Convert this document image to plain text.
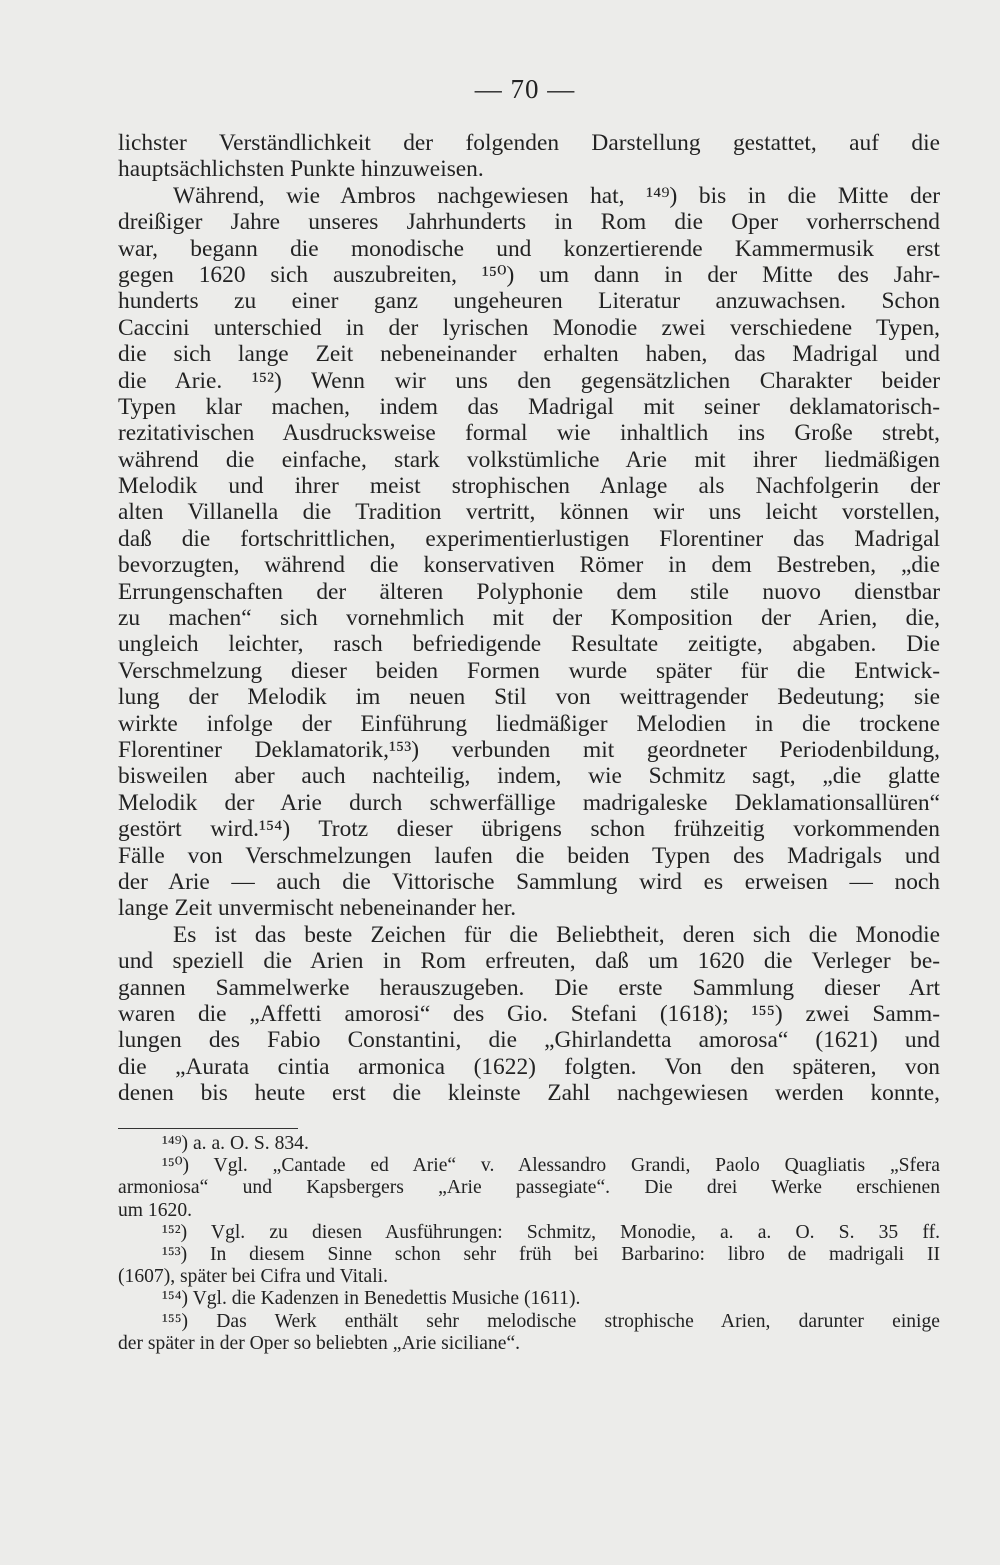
— 70 —
lichster Verständlichkeit der folgenden Darstellung gestattet, auf die
hauptsächlichsten Punkte hinzuweisen.
Während, wie Ambros nachgewiesen hat, ¹⁴⁹) bis in die Mitte der
dreißiger Jahre unseres Jahrhunderts in Rom die Oper vorherrschend
war, begann die monodische und konzertierende Kammermusik erst
gegen 1620 sich auszubreiten, ¹⁵⁰) um dann in der Mitte des Jahr-
hunderts zu einer ganz ungeheuren Literatur anzuwachsen. Schon
Caccini unterschied in der lyrischen Monodie zwei verschiedene Typen,
die sich lange Zeit nebeneinander erhalten haben, das Madrigal und
die Arie. ¹⁵²) Wenn wir uns den gegensätzlichen Charakter beider
Typen klar machen, indem das Madrigal mit seiner deklamatorisch-
rezitativischen Ausdrucksweise formal wie inhaltlich ins Große strebt,
während die einfache, stark volkstümliche Arie mit ihrer liedmäßigen
Melodik und ihrer meist strophischen Anlage als Nachfolgerin der
alten Villanella die Tradition vertritt, können wir uns leicht vorstellen,
daß die fortschrittlichen, experimentierlustigen Florentiner das Madrigal
bevorzugten, während die konservativen Römer in dem Bestreben, „die
Errungenschaften der älteren Polyphonie dem stile nuovo dienstbar
zu machen“ sich vornehmlich mit der Komposition der Arien, die,
ungleich leichter, rasch befriedigende Resultate zeitigte, abgaben. Die
Verschmelzung dieser beiden Formen wurde später für die Entwick-
lung der Melodik im neuen Stil von weittragender Bedeutung; sie
wirkte infolge der Einführung liedmäßiger Melodien in die trockene
Florentiner Deklamatorik,¹⁵³) verbunden mit geordneter Periodenbildung,
bisweilen aber auch nachteilig, indem, wie Schmitz sagt, „die glatte
Melodik der Arie durch schwerfällige madrigaleske Deklamationsallüren“
gestört wird.¹⁵⁴) Trotz dieser übrigens schon frühzeitig vorkommenden
Fälle von Verschmelzungen laufen die beiden Typen des Madrigals und
der Arie — auch die Vittorische Sammlung wird es erweisen — noch
lange Zeit unvermischt nebeneinander her.
Es ist das beste Zeichen für die Beliebtheit, deren sich die Monodie
und speziell die Arien in Rom erfreuten, daß um 1620 die Verleger be-
gannen Sammelwerke herauszugeben. Die erste Sammlung dieser Art
waren die „Affetti amorosi“ des Gio. Stefani (1618); ¹⁵⁵) zwei Samm-
lungen des Fabio Constantini, die „Ghirlandetta amorosa“ (1621) und
die „Aurata cintia armonica (1622) folgten. Von den späteren, von
denen bis heute erst die kleinste Zahl nachgewiesen werden konnte,
¹⁴⁹) a. a. O. S. 834.
¹⁵⁰) Vgl. „Cantade ed Arie“ v. Alessandro Grandi, Paolo Quagliatis „Sfera
armoniosa“ und Kapsbergers „Arie passegiate“. Die drei Werke erschienen
um 1620.
¹⁵²) Vgl. zu diesen Ausführungen: Schmitz, Monodie, a. a. O. S. 35 ff.
¹⁵³) In diesem Sinne schon sehr früh bei Barbarino: libro de madrigali II
(1607), später bei Cifra und Vitali.
¹⁵⁴) Vgl. die Kadenzen in Benedettis Musiche (1611).
¹⁵⁵) Das Werk enthält sehr melodische strophische Arien, darunter einige
der später in der Oper so beliebten „Arie siciliane“.
